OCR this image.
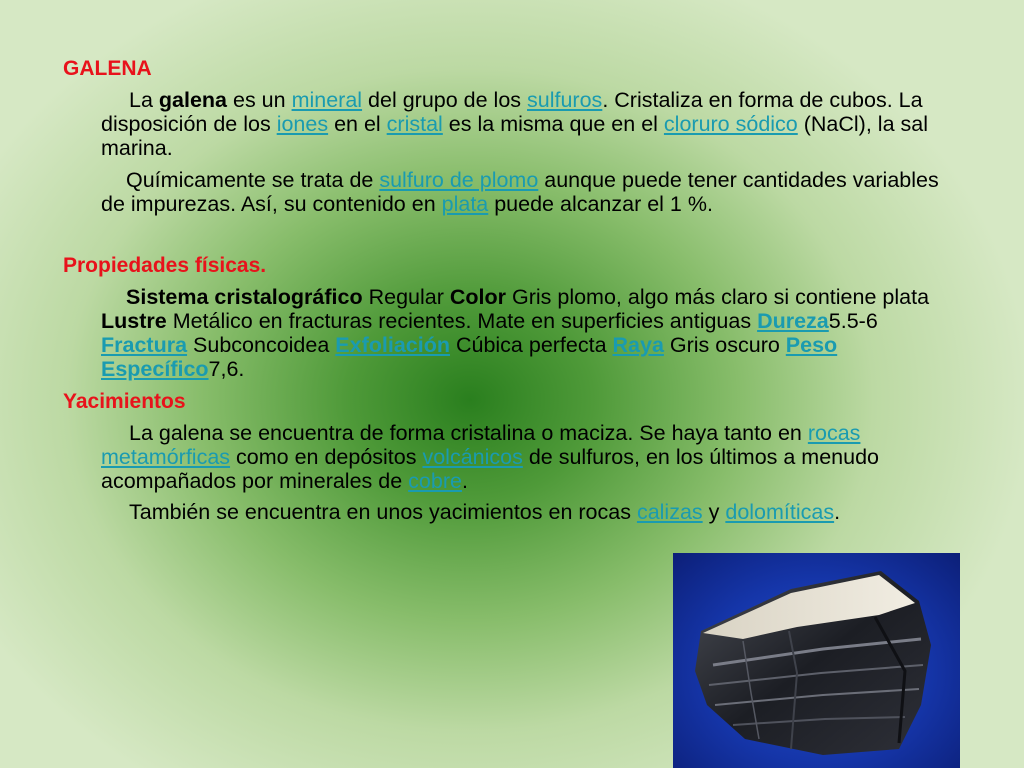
GALENA

La galena es un mineral del grupo de los sulfuros. Cristaliza en forma de cubos. La disposición de los iones en el cristal es la misma que en el cloruro sódico (NaCl), la sal marina.

Químicamente se trata de sulfuro de plomo aunque puede tener cantidades variables de impurezas. Así, su contenido en plata puede alcanzar el 1 %.

Propiedades físicas.

Sistema cristalográfico Regular Color Gris plomo, algo más claro si contiene plata Lustre Metálico en fracturas recientes. Mate en superficies antiguas Dureza5.5-6 Fractura Subconcoidea Exfoliación Cúbica perfecta Raya Gris oscuro Peso Específico7,6.

Yacimientos

La galena se encuentra de forma cristalina o maciza. Se haya tanto en rocas metamórficas como en depósitos volcánicos de sulfuros, en los últimos a menudo acompañados por minerales de cobre.

También se encuentra en unos yacimientos en rocas calizas y dolomíticas.
